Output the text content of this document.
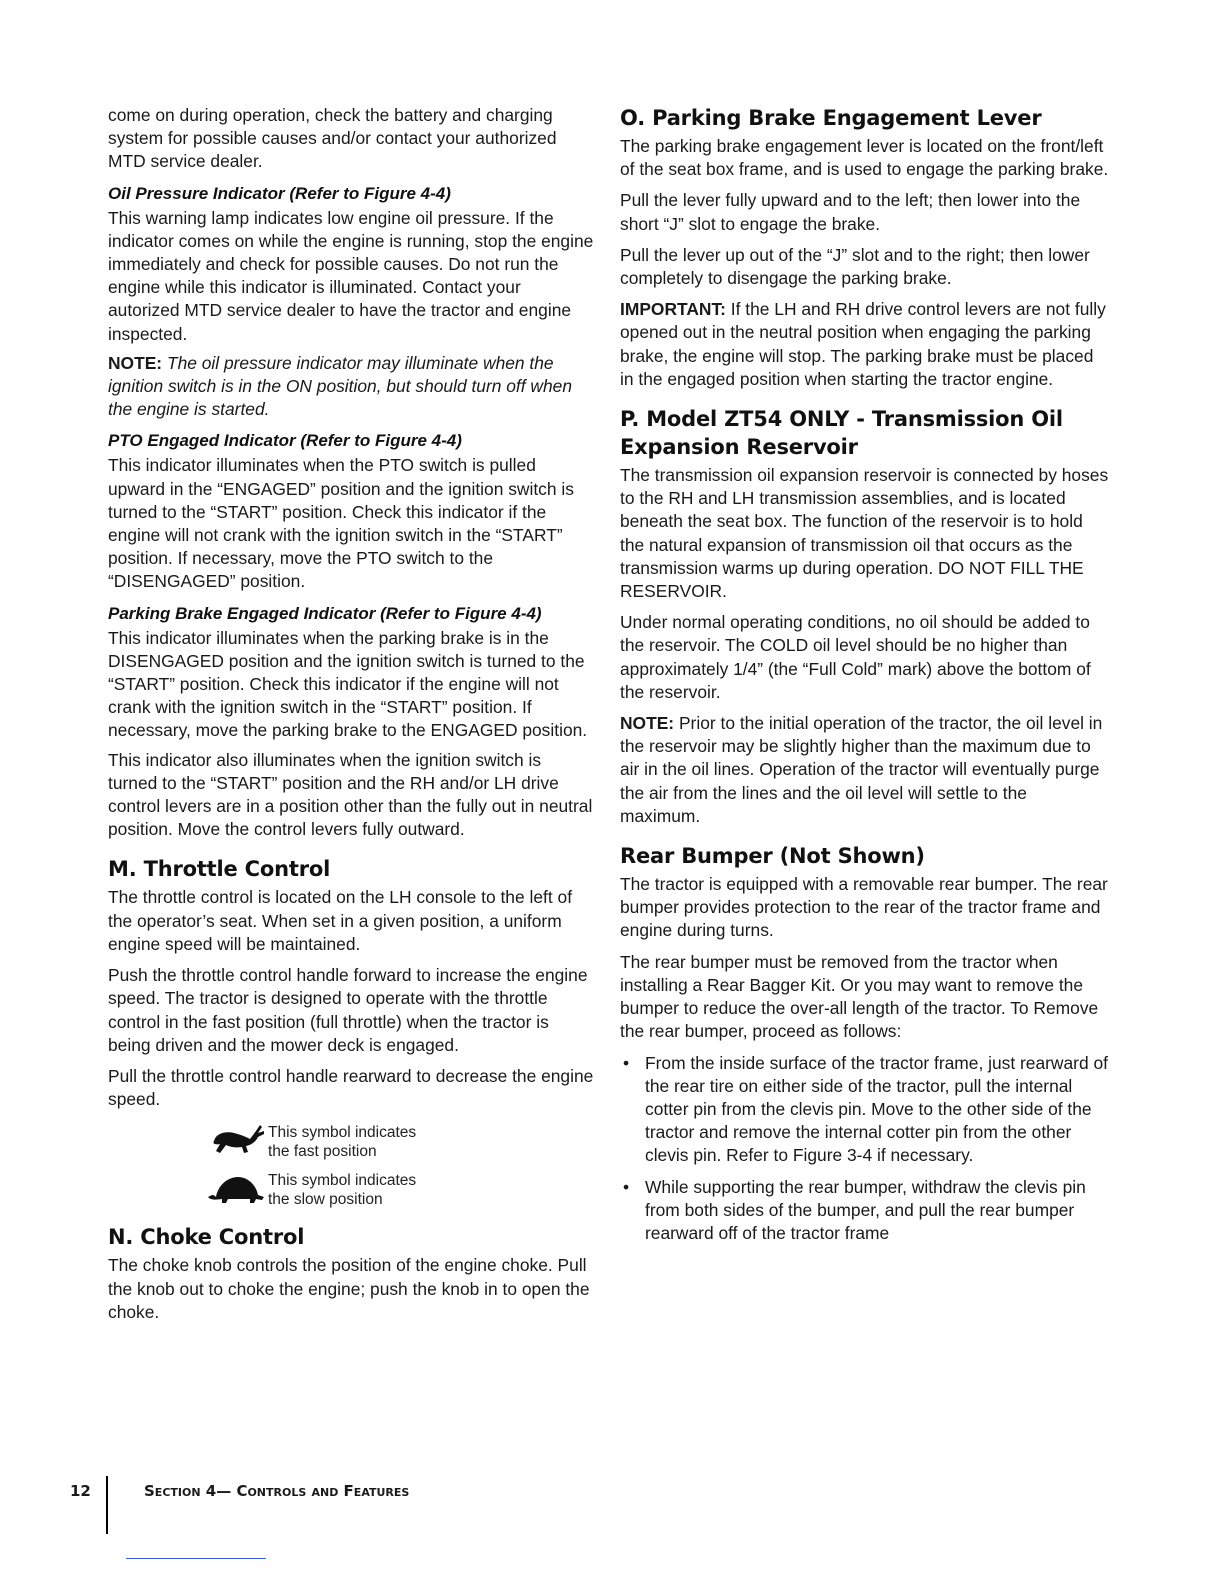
come on during operation, check the battery and charging system for possible causes and/or contact your authorized MTD service dealer.

Oil Pressure Indicator (Refer to Figure 4-4)

This warning lamp indicates low engine oil pressure. If the indicator comes on while the engine is running, stop the engine immediately and check for possible causes. Do not run the engine while this indicator is illuminated. Contact your autorized MTD service dealer to have the tractor and engine inspected.

NOTE: The oil pressure indicator may illuminate when the ignition switch is in the ON position, but should turn off when the engine is started.

PTO Engaged Indicator (Refer to Figure 4-4)

This indicator illuminates when the PTO switch is pulled upward in the “ENGAGED” position and the ignition switch is turned to the “START” position. Check this indicator if the engine will not crank with the ignition switch in the “START” position. If necessary, move the PTO switch to the “DISENGAGED” position.

Parking Brake Engaged Indicator (Refer to Figure 4-4)

This indicator illuminates when the parking brake is in the DISENGAGED position and the ignition switch is turned to the “START” position. Check this indicator if the engine will not crank with the ignition switch in the “START” position. If necessary, move the parking brake to the ENGAGED position.

This indicator also illuminates when the ignition switch is turned to the “START” position and the RH and/or LH drive control levers are in a position other than the fully out in neutral position. Move the control levers fully outward.

M. Throttle Control

The throttle control is located on the LH console to the left of the operator’s seat. When set in a given position, a uniform engine speed will be maintained.

Push the throttle control handle forward to increase the engine speed. The tractor is designed to operate with the throttle control in the fast position (full throttle) when the tractor is being driven and the mower deck is engaged.

Pull the throttle control handle rearward to decrease the engine speed.

This symbol indicates
the fast position
This symbol indicates
the slow position
N. Choke Control

The choke knob controls the position of the engine choke. Pull the knob out to choke the engine; push the knob in to open the choke.

O. Parking Brake Engagement Lever

The parking brake engagement lever is located on the front/left of the seat box frame, and is used to engage the parking brake.

Pull the lever fully upward and to the left; then lower into the short “J” slot to engage the brake.

Pull the lever up out of the “J” slot and to the right; then lower completely to disengage the parking brake.

IMPORTANT: If the LH and RH drive control levers are not fully opened out in the neutral position when engaging the parking brake, the engine will stop. The parking brake must be placed in the engaged position when starting the tractor engine.

P. Model ZT54 ONLY - Transmission Oil Expansion Reservoir

The transmission oil expansion reservoir is connected by hoses to the RH and LH transmission assemblies, and is located beneath the seat box. The function of the reservoir is to hold the natural expansion of transmission oil that occurs as the transmission warms up during operation. DO NOT FILL THE RESERVOIR.

Under normal operating conditions, no oil should be added to the reservoir. The COLD oil level should be no higher than approximately 1/4” (the “Full Cold” mark) above the bottom of the reservoir.

NOTE: Prior to the initial operation of the tractor, the oil level in the reservoir may be slightly higher than the maximum due to air in the oil lines. Operation of the tractor will eventually purge the air from the lines and the oil level will settle to the maximum.

Rear Bumper (Not Shown)

The tractor is equipped with a removable rear bumper. The rear bumper provides protection to the rear of the tractor frame and engine during turns.

The rear bumper must be removed from the tractor when installing a Rear Bagger Kit. Or you may want to remove the bumper to reduce the over-all length of the tractor. To Remove the rear bumper, proceed as follows:

• From the inside surface of the tractor frame, just rearward of the rear tire on either side of the tractor, pull the internal cotter pin from the clevis pin. Move to the other side of the tractor and remove the internal cotter pin from the other clevis pin. Refer to Figure 3-4 if necessary.
• While supporting the rear bumper, withdraw the clevis pin from both sides of the bumper, and pull the rear bumper rearward off of the tractor frame
12	Section 4— Controls and Features
